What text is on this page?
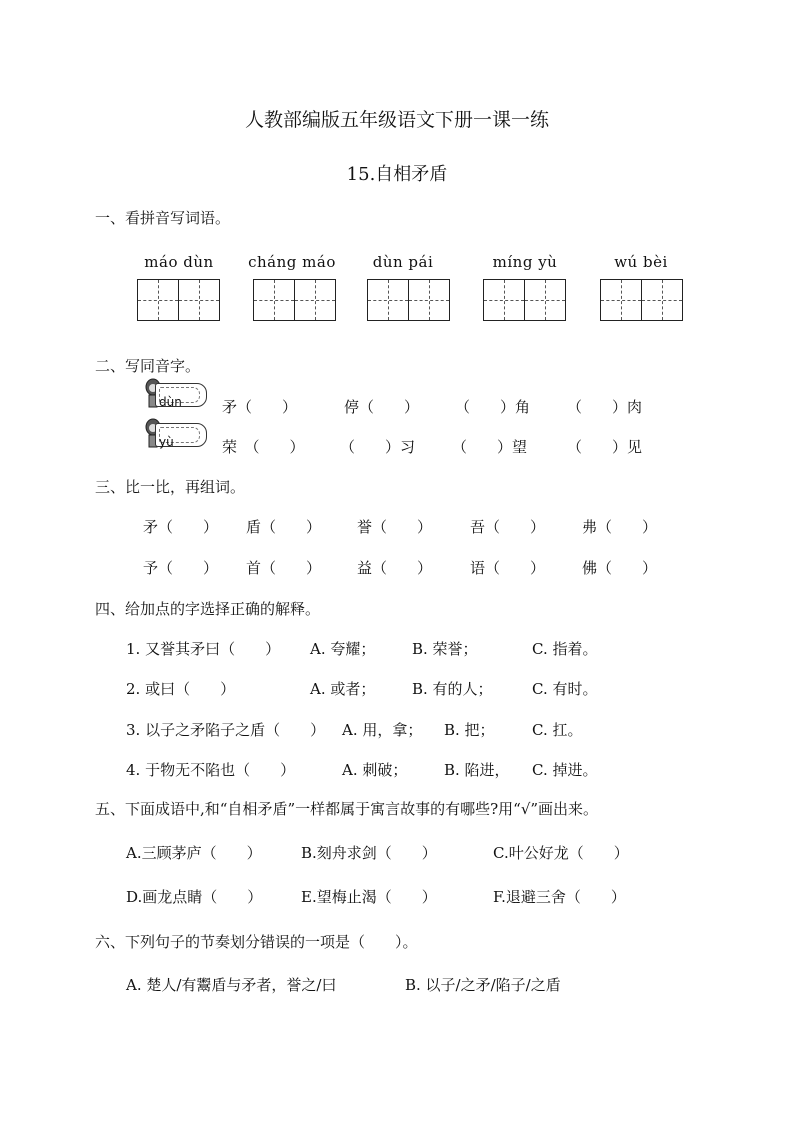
人教部编版五年级语文下册一课一练
15.自相矛盾
一、看拼音写词语。
máo dùn	cháng máo	dùn pái	míng yù	wú bèi
二、写同音字。
dùn	矛（　　）	停（　　） （　　）角 （　　）肉
yù	荣　（　　） （　　）习 （　　）望	（　　）见
三、比一比，再组词。
矛（　　） 盾（　　） 誉（　　）	吾（　　） 弗（　　）
予（　　） 首（　　） 益（　　）	语（　　） 佛（　　）
四、给加点的字选择正确的解释。
1. 又誉其矛曰（　　） A. 夸耀； B. 荣誉；	C. 指着。
2. 或曰（　　）	A. 或者； B. 有的人；	C. 有时。
3. 以子之矛陷子之盾（　　） A. 用，拿； B. 把； C. 扛。
4. 于物无不陷也（　　）	A. 刺破； B. 陷进， C. 掉进。
五、下面成语中,和“自相矛盾”一样都属于寓言故事的有哪些?用“√”画出来。
A.三顾茅庐（　　）	B.刻舟求剑（　　）	C.叶公好龙（　　）
D.画龙点睛（　　）	E.望梅止渴（　　）	F.退避三舍（　　）
六、下列句子的节奏划分错误的一项是（　　）。
A. 楚人/有鬻盾与矛者，誉之/曰	B. 以子/之矛/陷子/之盾
